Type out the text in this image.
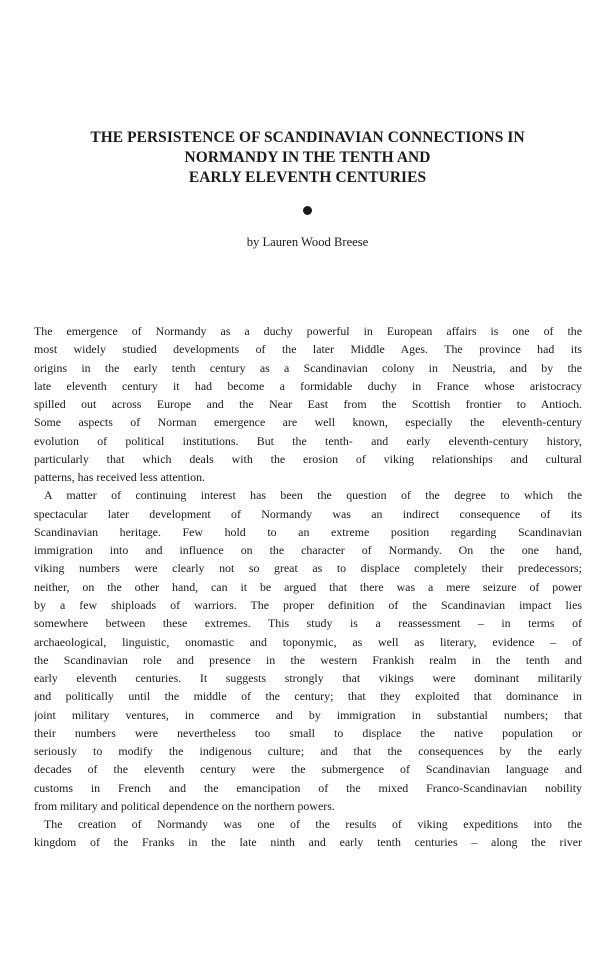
THE PERSISTENCE OF SCANDINAVIAN CONNECTIONS IN
NORMANDY IN THE TENTH AND
EARLY ELEVENTH CENTURIES
by Lauren Wood Breese

The emergence of Normandy as a duchy powerful in European affairs is one of the
most widely studied developments of the later Middle Ages. The province had its
origins in the early tenth century as a Scandinavian colony in Neustria, and by the
late eleventh century it had become a formidable duchy in France whose aristocracy
spilled out across Europe and the Near East from the Scottish frontier to Antioch.
Some aspects of Norman emergence are well known, especially the eleventh-century
evolution of political institutions. But the tenth- and early eleventh-century history,
particularly that which deals with the erosion of viking relationships and cultural
patterns, has received less attention.

A matter of continuing interest has been the question of the degree to which the
spectacular later development of Normandy was an indirect consequence of its
Scandinavian heritage. Few hold to an extreme position regarding Scandinavian
immigration into and influence on the character of Normandy. On the one hand,
viking numbers were clearly not so great as to displace completely their predecessors;
neither, on the other hand, can it be argued that there was a mere seizure of power
by a few shiploads of warriors. The proper definition of the Scandinavian impact lies
somewhere between these extremes. This study is a reassessment – in terms of
archaeological, linguistic, onomastic and toponymic, as well as literary, evidence – of
the Scandinavian role and presence in the western Frankish realm in the tenth and
early eleventh centuries. It suggests strongly that vikings were dominant militarily
and politically until the middle of the century; that they exploited that dominance in
joint military ventures, in commerce and by immigration in substantial numbers; that
their numbers were nevertheless too small to displace the native population or
seriously to modify the indigenous culture; and that the consequences by the early
decades of the eleventh century were the submergence of Scandinavian language and
customs in French and the emancipation of the mixed Franco-Scandinavian nobility
from military and political dependence on the northern powers.

The creation of Normandy was one of the results of viking expeditions into the
kingdom of the Franks in the late ninth and early tenth centuries – along the river
